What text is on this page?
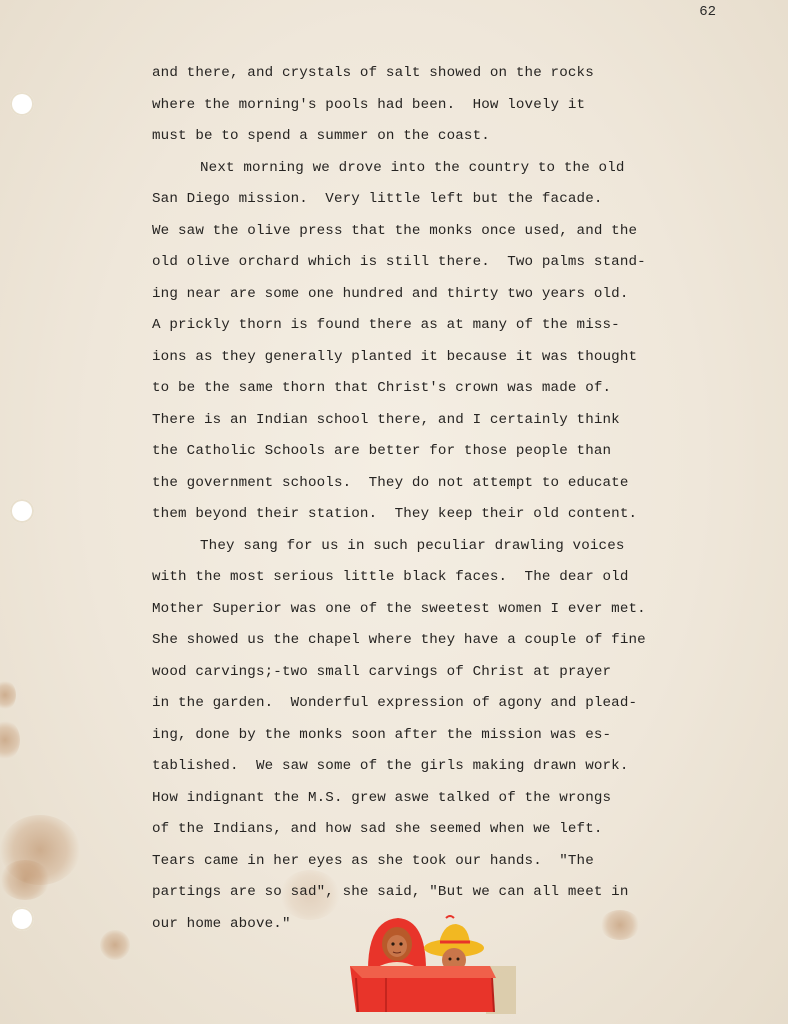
62
and there, and crystals of salt showed on the rocks
where the morning's pools had been.  How lovely it
must be to spend a summer on the coast.
Next morning we drove into the country to the old
San Diego mission.  Very little left but the facade.
We saw the olive press that the monks once used, and the
old olive orchard which is still there.  Two palms stand-
ing near are some one hundred and thirty two years old.
A prickly thorn is found there as at many of the miss-
ions as they generally planted it because it was thought
to be the same thorn that Christ's crown was made of.
There is an Indian school there, and I certainly think
the Catholic Schools are better for those people than
the government schools.  They do not attempt to educate
them beyond their station.  They keep their old content.
They sang for us in such peculiar drawling voices
with the most serious little black faces.  The dear old
Mother Superior was one of the sweetest women I ever met.
She showed us the chapel where they have a couple of fine
wood carvings;-two small carvings of Christ at prayer
in the garden.  Wonderful expression of agony and plead-
ing, done by the monks soon after the mission was es-
tablished.  We saw some of the girls making drawn work.
How indignant the M.S. grew aswe talked of the wrongs
of the Indians, and how sad she seemed when we left.
Tears came in her eyes as she took our hands.  "The
partings are so sad", she said, "But we can all meet in
our home above."
